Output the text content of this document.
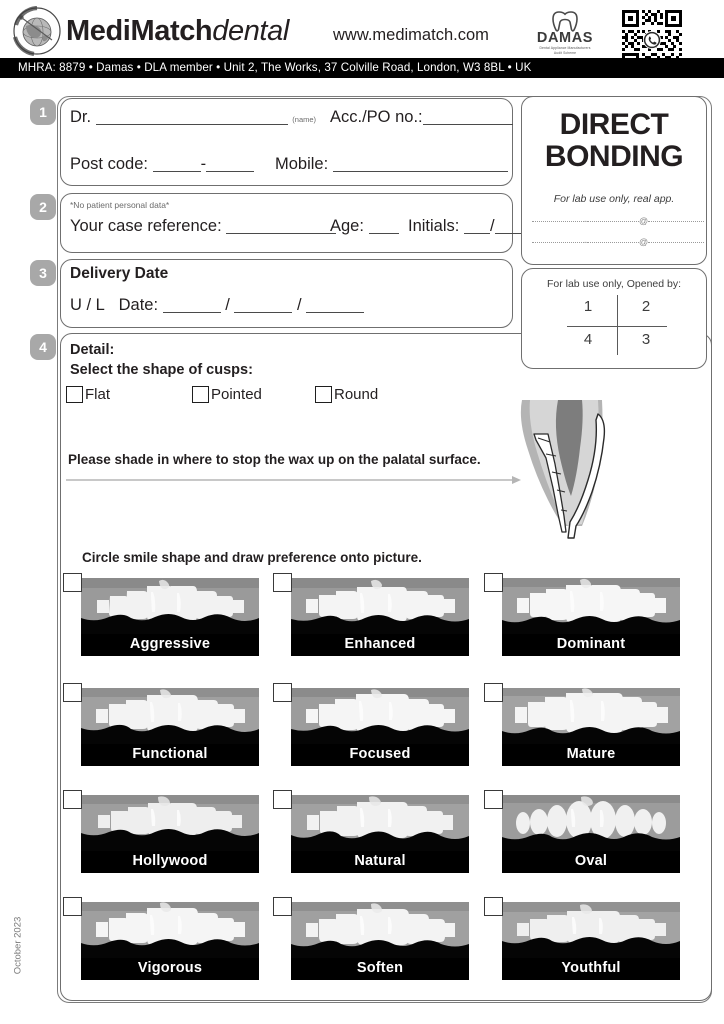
MediMatchdental	www.medimatch.com	DAMAS
Dental Appliance Manufacturers
Audit Scheme
MHRA: 8879 • Damas • DLA member • Unit 2, The Works, 37 Colville Road, London, W3 8BL • UK
1	Dr.	(name) Acc./PO no.:
Post code:	-	Mobile:
2	*No patient personal data*
Your case reference:	Age:	Initials: /
3	Delivery Date
U / L Date:	/	/
4	Detail:
Select the shape of cusps:
Flat	Pointed	Round
Please shade in where to stop the wax up on the palatal surface.
Circle smile shape and draw preference onto picture.
Aggressive	Enhanced	Dominant
Functional	Focused	Mature
Hollywood	Natural	Oval
Vigorous	Soften	Youthful
DIRECT
BONDING
For lab use only, real app.
-	@
-	@
For lab use only, Opened by:
1	2
4	3
October 2023
